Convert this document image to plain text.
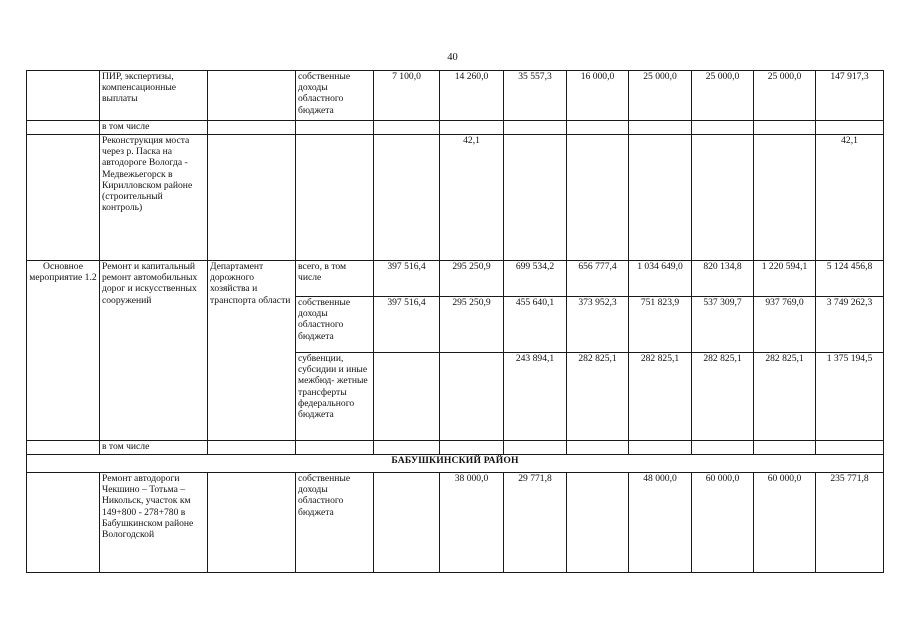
40
	ПИР, экспертизы, компенсационные выплаты		собственные доходы областного бюджета	7 100,0	14 260,0	35 557,3	16 000,0	25 000,0	25 000,0	25 000,0	147 917,3
	в том числе										
	Реконструкция моста через р. Паска на автодороге Вологда - Медвежьегорск в Кирилловском районе (строительный контроль)				42,1						42,1
Основное мероприятие 1.2	Ремонт и капитальный ремонт автомобильных дорог и искусственных сооружений	Департамент дорожного хозяйства и транспорта области	всего, в том числе	397 516,4	295 250,9	699 534,2	656 777,4	1 034 649,0	820 134,8	1 220 594,1	5 124 456,8
			собственные доходы областного бюджета	397 516,4	295 250,9	455 640,1	373 952,3	751 823,9	537 309,7	937 769,0	3 749 262,3
			субвенции, субсидии и иные межбюд- жетные трансферты федерального бюджета			243 894,1	282 825,1	282 825,1	282 825,1	282 825,1	1 375 194,5
	в том числе										
БАБУШКИНСКИЙ РАЙОН											
	Ремонт автодороги Чекшино – Тотьма – Никольск, участок км 149+800 - 278+780 в Бабушкинском районе Вологодской		собственные доходы областного бюджета		38 000,0	29 771,8		48 000,0	60 000,0	60 000,0	235 771,8
